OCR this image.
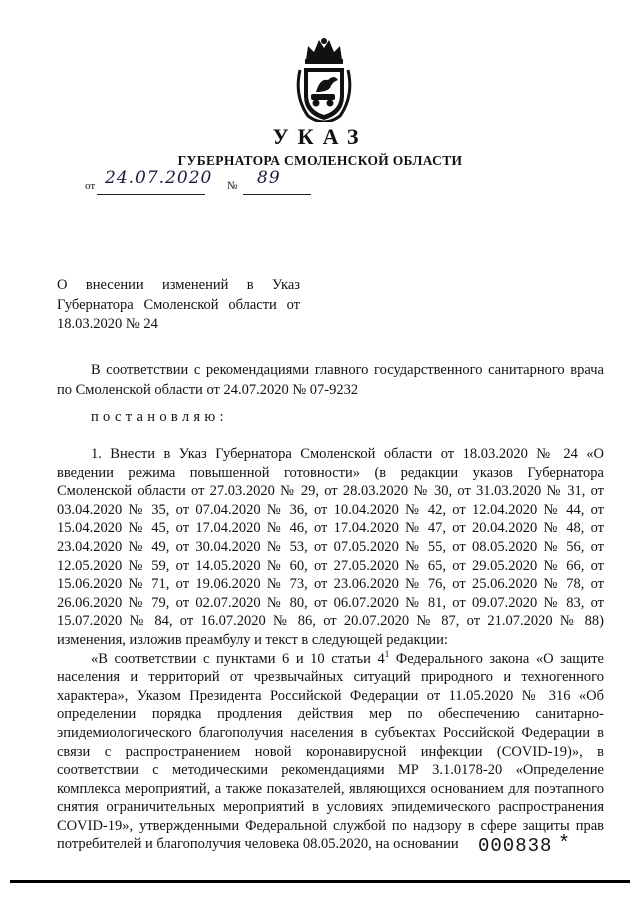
УКАЗ
ГУБЕРНАТОРА СМОЛЕНСКОЙ ОБЛАСТИ
от 24.07.2020 № 89
О внесении изменений в Указ Губернатора Смоленской области от 18.03.2020 № 24
В соответствии с рекомендациями главного государственного санитарного врача по Смоленской области от 24.07.2020 № 07-9232
постановляю:

1. Внести в Указ Губернатора Смоленской области от 18.03.2020 № 24 «О введении режима повышенной готовности» (в редакции указов Губернатора Смоленской области от 27.03.2020 № 29, от 28.03.2020 № 30, от 31.03.2020 № 31, от 03.04.2020 № 35, от 07.04.2020 № 36, от 10.04.2020 № 42, от 12.04.2020 № 44, от 15.04.2020 № 45, от 17.04.2020 № 46, от 17.04.2020 № 47, от 20.04.2020 № 48, от 23.04.2020 № 49, от 30.04.2020 № 53, от 07.05.2020 № 55, от 08.05.2020 № 56, от 12.05.2020 № 59, от 14.05.2020 № 60, от 27.05.2020 № 65, от 29.05.2020 № 66, от 15.06.2020 № 71, от 19.06.2020 № 73, от 23.06.2020 № 76, от 25.06.2020 № 78, от 26.06.2020 № 79, от 02.07.2020 № 80, от 06.07.2020 № 81, от 09.07.2020 № 83, от 15.07.2020 № 84, от 16.07.2020 № 86, от 20.07.2020 № 87, от 21.07.2020 № 88) изменения, изложив преамбулу и текст в следующей редакции:

«В соответствии с пунктами 6 и 10 статьи $4^1$ Федерального закона «О защите населения и территорий от чрезвычайных ситуаций природного и техногенного характера», Указом Президента Российской Федерации от 11.05.2020 № 316 «Об определении порядка продления действия мер по обеспечению санитарно-эпидемиологического благополучия населения в субъектах Российской Федерации в связи с распространением новой коронавирусной инфекции (COVID-19)», в соответствии с методическими рекомендациями МР 3.1.0178-20 «Определение комплекса мероприятий, а также показателей, являющихся основанием для поэтапного снятия ограничительных мероприятий в условиях эпидемического распространения COVID-19», утвержденными Федеральной службой по надзору в сфере защиты прав потребителей и благополучия человека 08.05.2020, на основании	000838 *
